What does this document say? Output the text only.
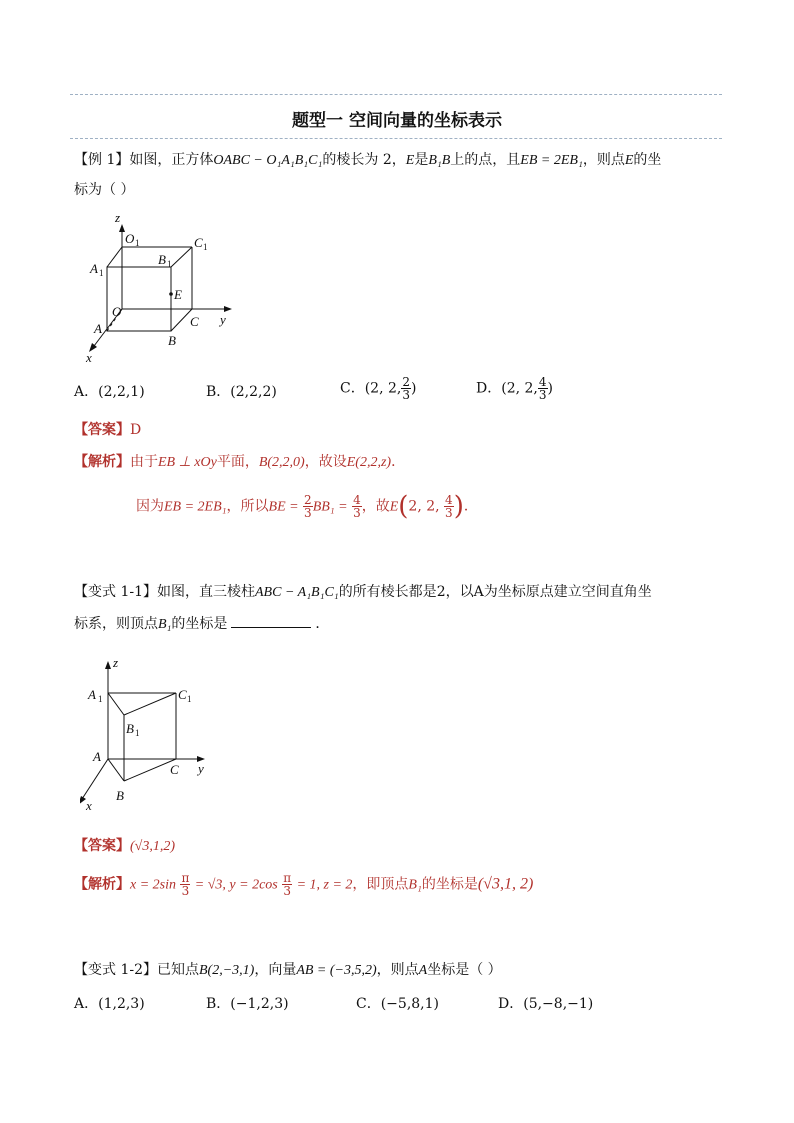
题型一 空间向量的坐标表示
【例 1】如图，正方体OABC − O₁A₁B₁C₁的棱长为 2，E是B₁B上的点，且EB = 2EB₁，则点E的坐
标为（ ）
z
y
x
O 1	C 1
A 1
B 1
E
O
C
A
B
A．(2,2,1)	B．(2,2,2)	C．(2, 2, $\frac{2}{3}$ )	D．(2, 2, $\frac{4}{3}$ )
【答案】D
【解析】由于EB ⊥ xOy平面，B(2,2,0)，故设E(2,2,z)．
因为EB = 2EB₁，所以BE = $\frac{2}{3} BB_1 = \frac{4}{3}$ ，故E(2, 2, $\frac{4}{3}$ )．
【变式 1-1】如图，直三棱柱ABC − A₁B₁C₁的所有棱长都是2，以A为坐标原点建立空间直角坐
标系，则顶点B₁的坐标是	．
z
y
x
A 1	C 1
B 1
A
C
B
【答案】(√3,1,2)
【解析】$x = 2\sin \frac{\pi}{3} = √3$, $y = 2\cos \frac{\pi}{3} = 1$, z = 2，即顶点B₁的坐标是(√3,1, 2)
【变式 1-2】已知点B(2,−3,1)，向量AB = (−3,5,2)，则点A坐标是（ ）
A．(1,2,3)	B．(−1,2,3)	C．(−5,8,1)	D．(5,−8,−1)
